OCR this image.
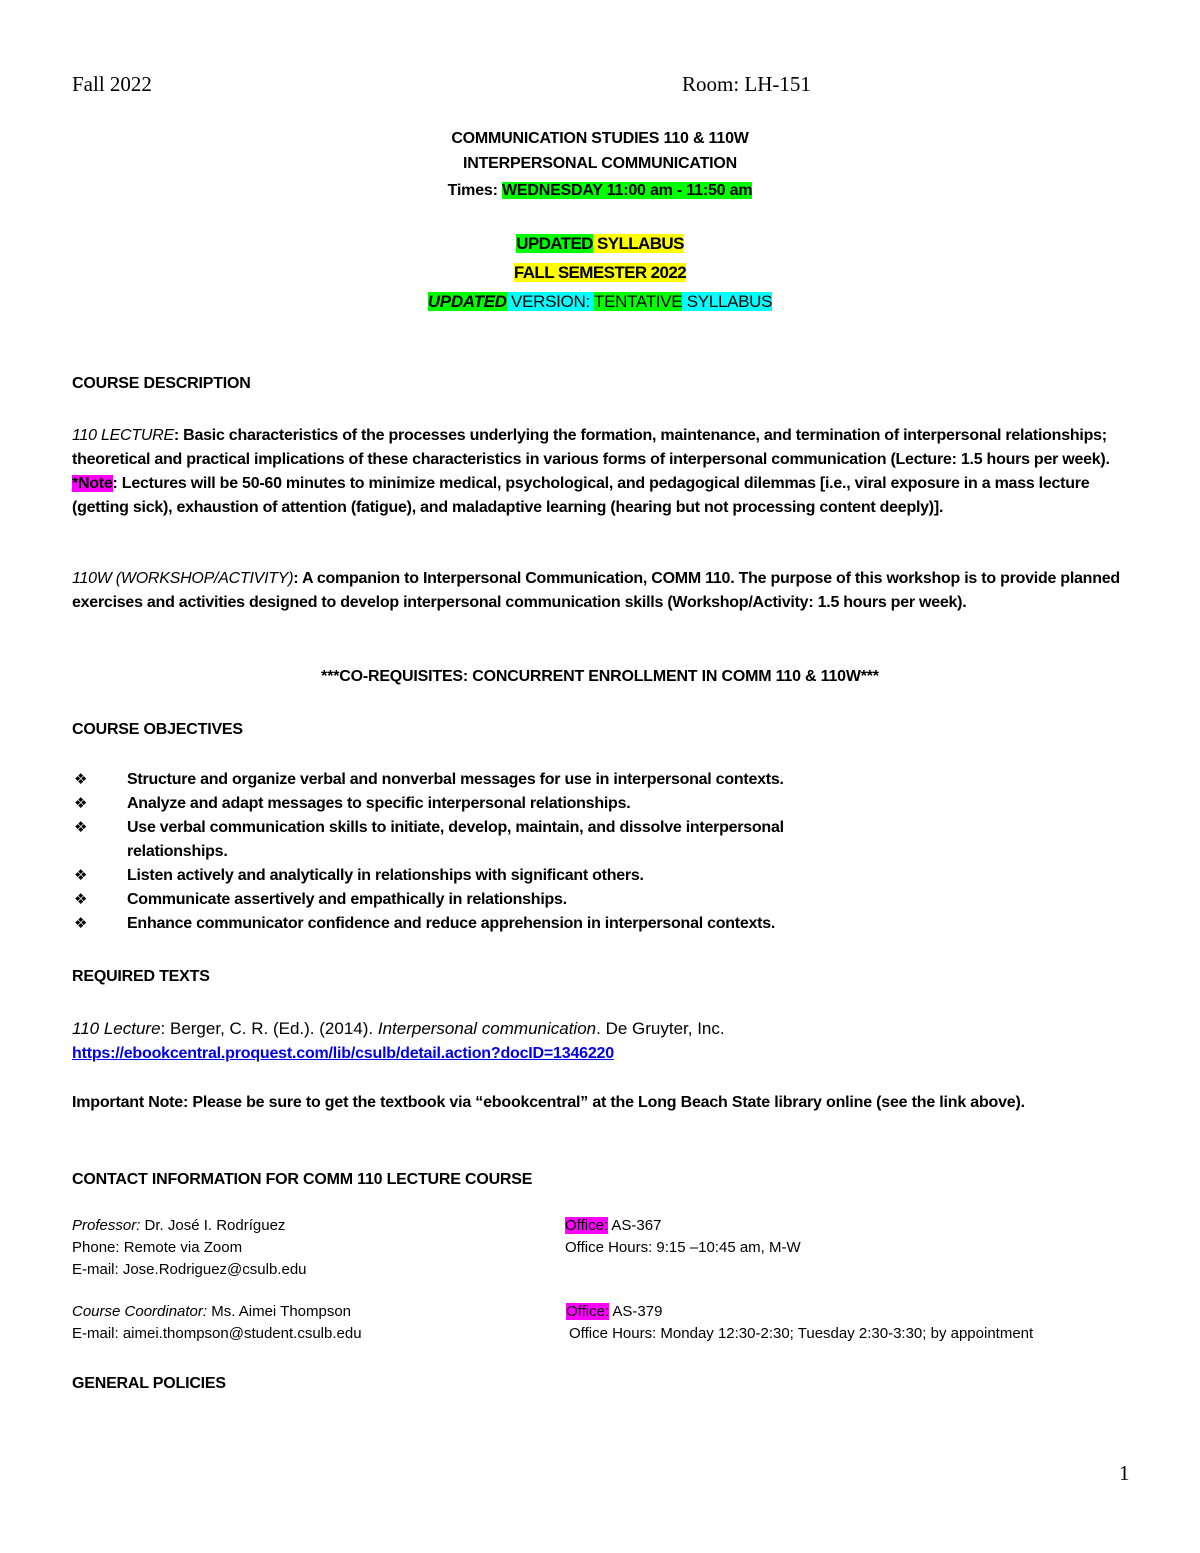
Fall 2022	Room: LH-151
COMMUNICATION STUDIES 110 & 110W
INTERPERSONAL COMMUNICATION
Times: WEDNESDAY 11:00 am - 11:50 am
UPDATED SYLLABUS
FALL SEMESTER 2022
UPDATED VERSION: TENTATIVE SYLLABUS
COURSE DESCRIPTION
110 LECTURE: Basic characteristics of the processes underlying the formation, maintenance, and termination of interpersonal relationships; theoretical and practical implications of these characteristics in various forms of interpersonal communication (Lecture: 1.5 hours per week). *Note: Lectures will be 50-60 minutes to minimize medical, psychological, and pedagogical dilemmas [i.e., viral exposure in a mass lecture (getting sick), exhaustion of attention (fatigue), and maladaptive learning (hearing but not processing content deeply)].
110W (WORKSHOP/ACTIVITY): A companion to Interpersonal Communication, COMM 110. The purpose of this workshop is to provide planned exercises and activities designed to develop interpersonal communication skills (Workshop/Activity: 1.5 hours per week).
***CO-REQUISITES: CONCURRENT ENROLLMENT IN COMM 110 & 110W***
COURSE OBJECTIVES
❖ Structure and organize verbal and nonverbal messages for use in interpersonal contexts.
❖ Analyze and adapt messages to specific interpersonal relationships.
❖ Use verbal communication skills to initiate, develop, maintain, and dissolve interpersonal relationships.
❖ Listen actively and analytically in relationships with significant others.
❖ Communicate assertively and empathically in relationships.
❖ Enhance communicator confidence and reduce apprehension in interpersonal contexts.
REQUIRED TEXTS
110 Lecture: Berger, C. R. (Ed.). (2014). Interpersonal communication. De Gruyter, Inc.
https://ebookcentral.proquest.com/lib/csulb/detail.action?docID=1346220
Important Note: Please be sure to get the textbook via “ebookcentral” at the Long Beach State library online (see the link above).
CONTACT INFORMATION FOR COMM 110 LECTURE COURSE
Professor: Dr. José I. Rodríguez
Phone: Remote via Zoom
E-mail: Jose.Rodriguez@csulb.edu
Office: AS-367
Office Hours: 9:15 –10:45 am, M-W
Course Coordinator: Ms. Aimei Thompson
E-mail: aimei.thompson@student.csulb.edu
Office: AS-379
Office Hours: Monday 12:30-2:30; Tuesday 2:30-3:30; by appointment
GENERAL POLICIES
1
